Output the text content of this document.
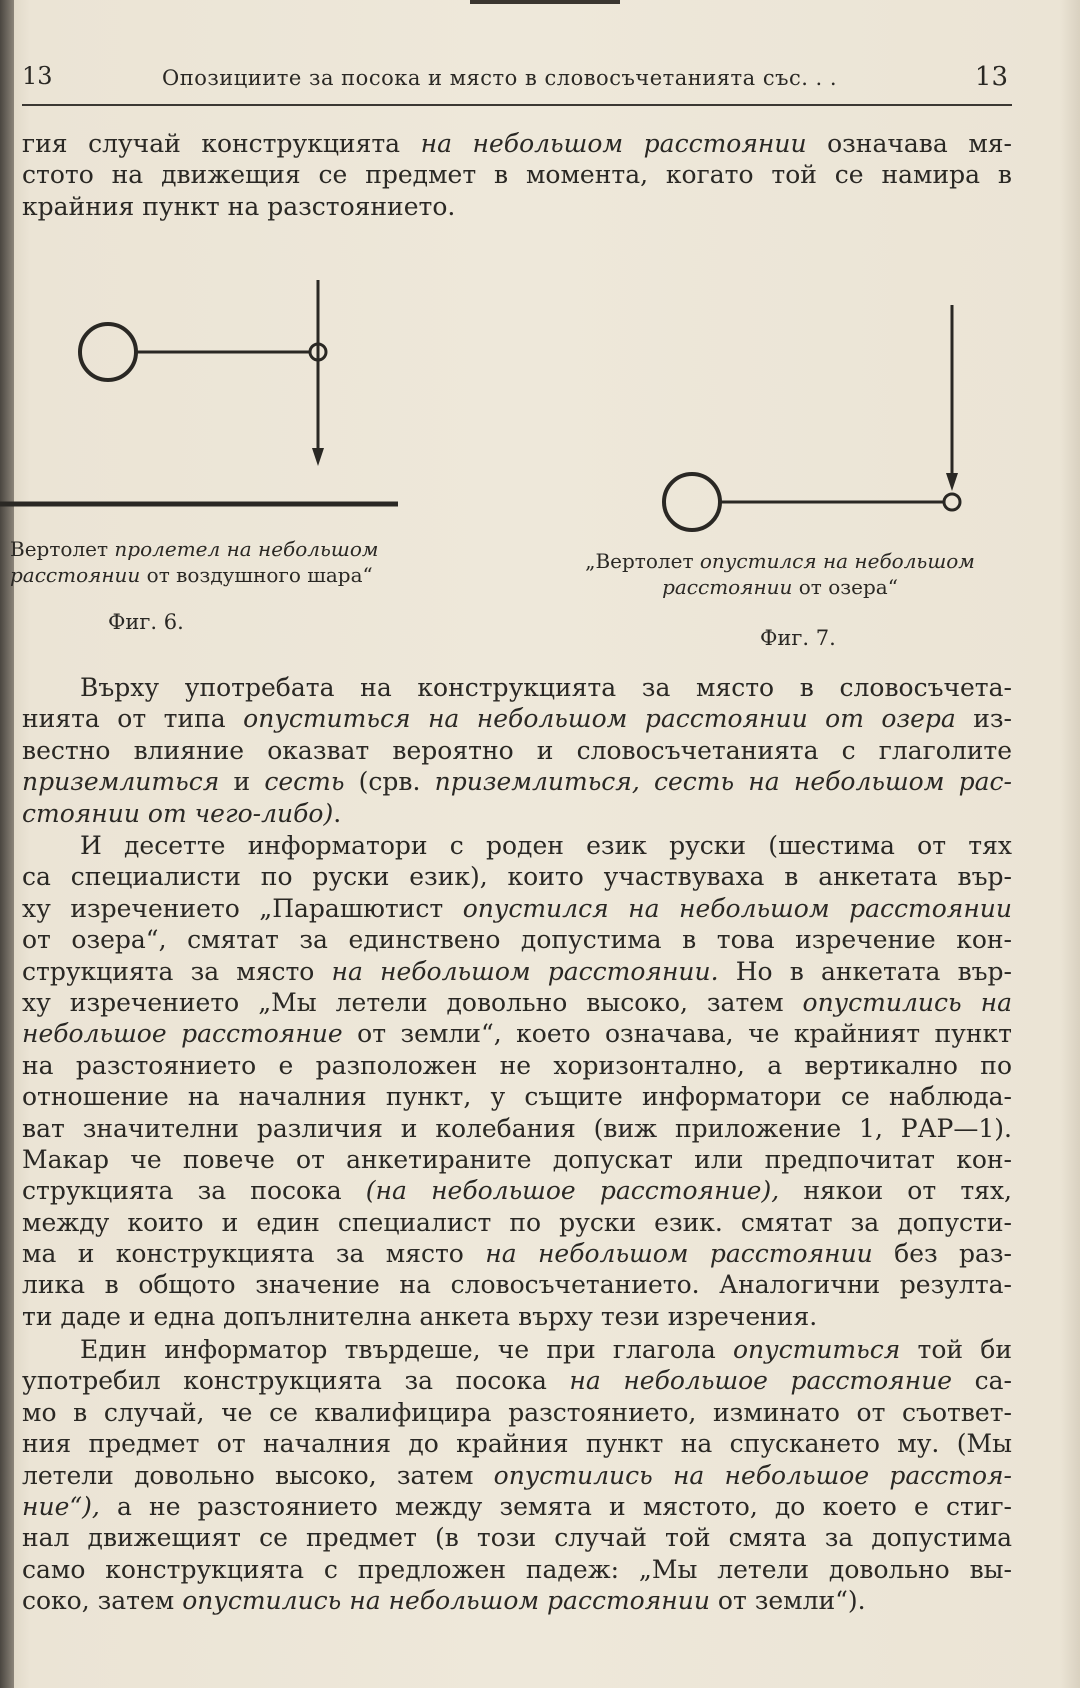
13	Опозициите за посока и място в словосъчетанията със. . .	13
гия случай конструкцията на небольшом расстоянии означава мя-
стото на движещия се предмет в момента, когато той се намира в
крайния пункт на разстоянието.
Вертолет пролетел на небольшом
расстоянии от воздушного шара“
Фиг. 6.
„Вертолет опустился на небольшом
расстоянии от озера“
Фиг. 7.
Върху употребата на конструкцията за място в словосъчета-
нията от типа опуститься на небольшом расстоянии от озера из-
вестно влияние оказват вероятно и словосъчетанията с глаголите
приземлиться и сесть (срв. приземлиться, сесть на небольшом рас-
стоянии от чего-либо).
И десетте информатори с роден език руски (шестима от тях
са специалисти по руски език), които участвуваха в анкетата вър-
ху изречението „Парашютист опустился на небольшом расстоянии
от озера“, смятат за единствено допустима в това изречение кон-
струкцията за място на небольшом расстоянии. Но в анкетата вър-
ху изречението „Мы летели довольно высоко, затем опустились на
небольшое расстояние от земли“, което означава, че крайният пункт
на разстоянието е разположен не хоризонтално, а вертикално по
отношение на началния пункт, у същите информатори се наблюда-
ват значителни различия и колебания (виж приложение 1, РАР—1).
Макар че повече от анкетираните допускат или предпочитат кон-
струкцията за посока (на небольшое расстояние), някои от тях,
между които и един специалист по руски език. смятат за допусти-
ма и конструкцията за място на небольшом расстоянии без раз-
лика в общото значение на словосъчетанието. Аналогични резулта-
ти даде и една допълнителна анкета върху тези изречения.
Един информатор твърдеше, че при глагола опуститься той би
употребил конструкцията за посока на небольшое расстояние са-
мо в случай, че се квалифицира разстоянието, изминато от съответ-
ния предмет от началния до крайния пункт на спускането му. (Мы
летели довольно высоко, затем опустились на небольшое расстоя-
ние“), а не разстоянието между земята и мястото, до което е стиг-
нал движещият се предмет (в този случай той смята за допустима
само конструкцията с предложен падеж: „Мы летели довольно вы-
соко, затем опустились на небольшом расстоянии от земли“).
